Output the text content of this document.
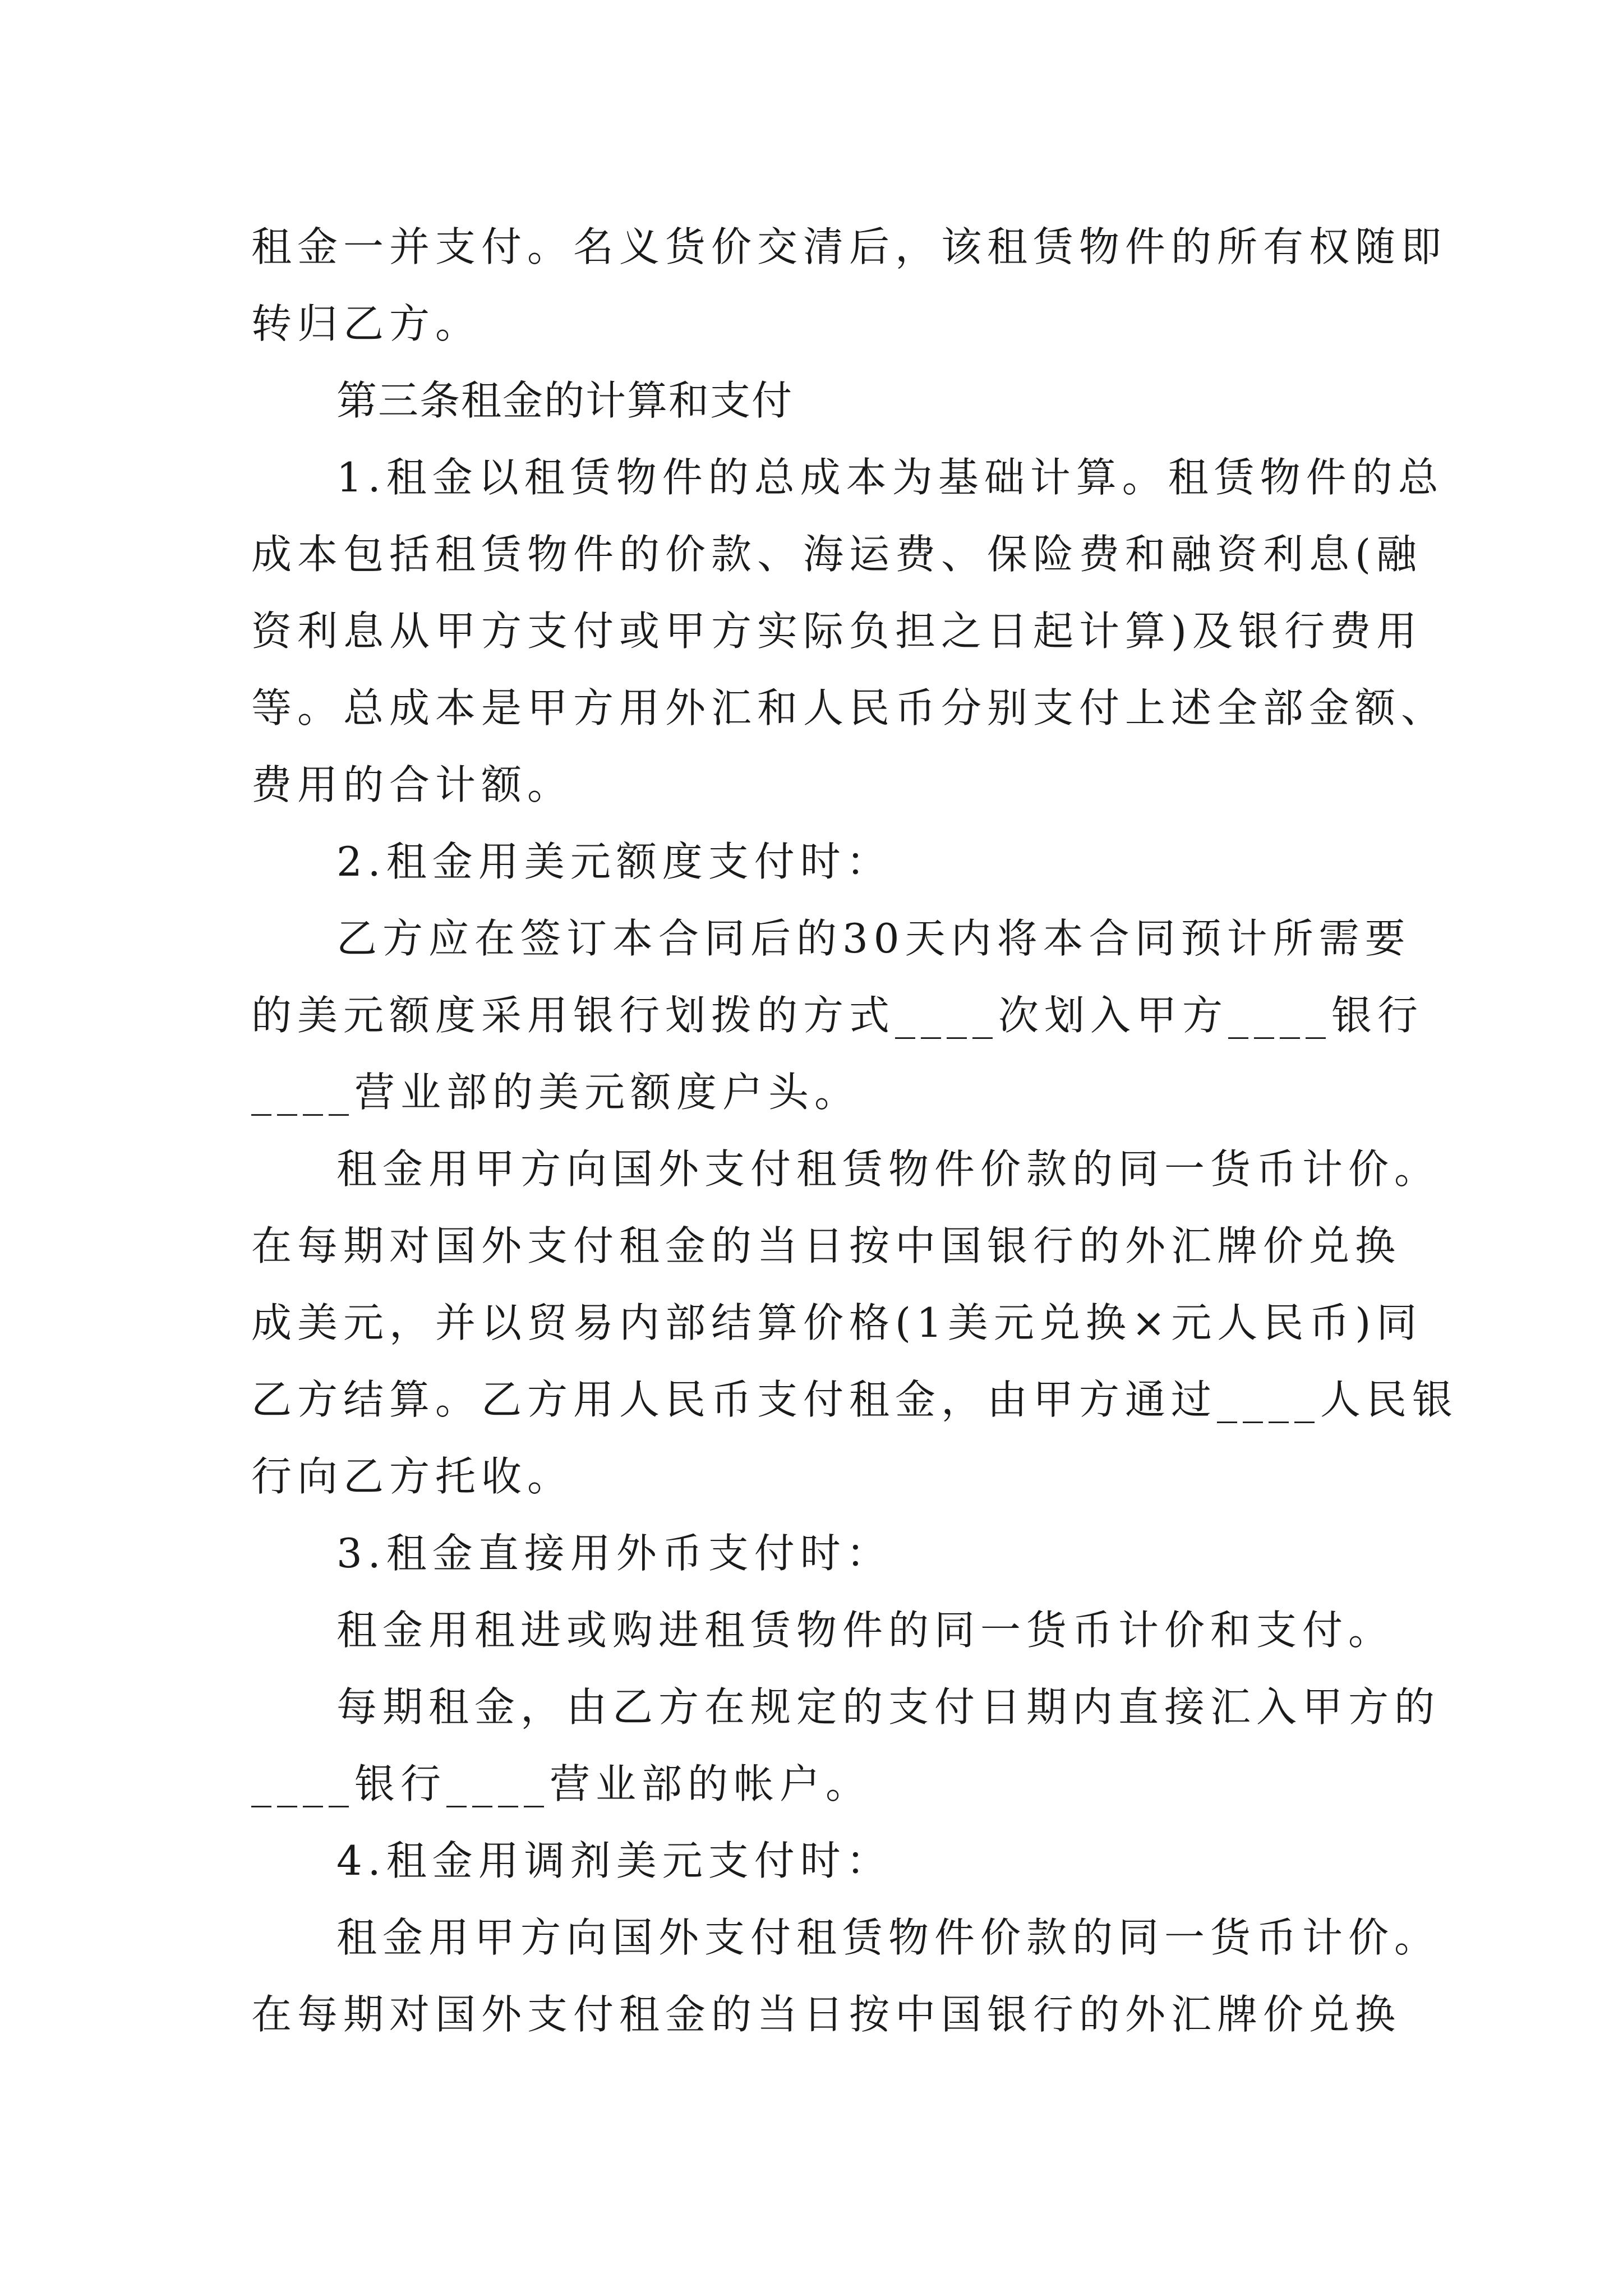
租金一并支付。名义货价交清后，该租赁物件的所有权随即
转归乙方。
第三条租金的计算和支付
1.租金以租赁物件的总成本为基础计算。租赁物件的总
成本包括租赁物件的价款、海运费、保险费和融资利息(融
资利息从甲方支付或甲方实际负担之日起计算)及银行费用
等。总成本是甲方用外汇和人民币分别支付上述全部金额、
费用的合计额。
2.租金用美元额度支付时：
乙方应在签订本合同后的30天内将本合同预计所需要
的美元额度采用银行划拨的方式____次划入甲方____银行
____营业部的美元额度户头。
租金用甲方向国外支付租赁物件价款的同一货币计价。
在每期对国外支付租金的当日按中国银行的外汇牌价兑换
成美元，并以贸易内部结算价格(1美元兑换×元人民币)同
乙方结算。乙方用人民币支付租金，由甲方通过____人民银
行向乙方托收。
3.租金直接用外币支付时：
租金用租进或购进租赁物件的同一货币计价和支付。
每期租金，由乙方在规定的支付日期内直接汇入甲方的
____银行____营业部的帐户。
4.租金用调剂美元支付时：
租金用甲方向国外支付租赁物件价款的同一货币计价。
在每期对国外支付租金的当日按中国银行的外汇牌价兑换
